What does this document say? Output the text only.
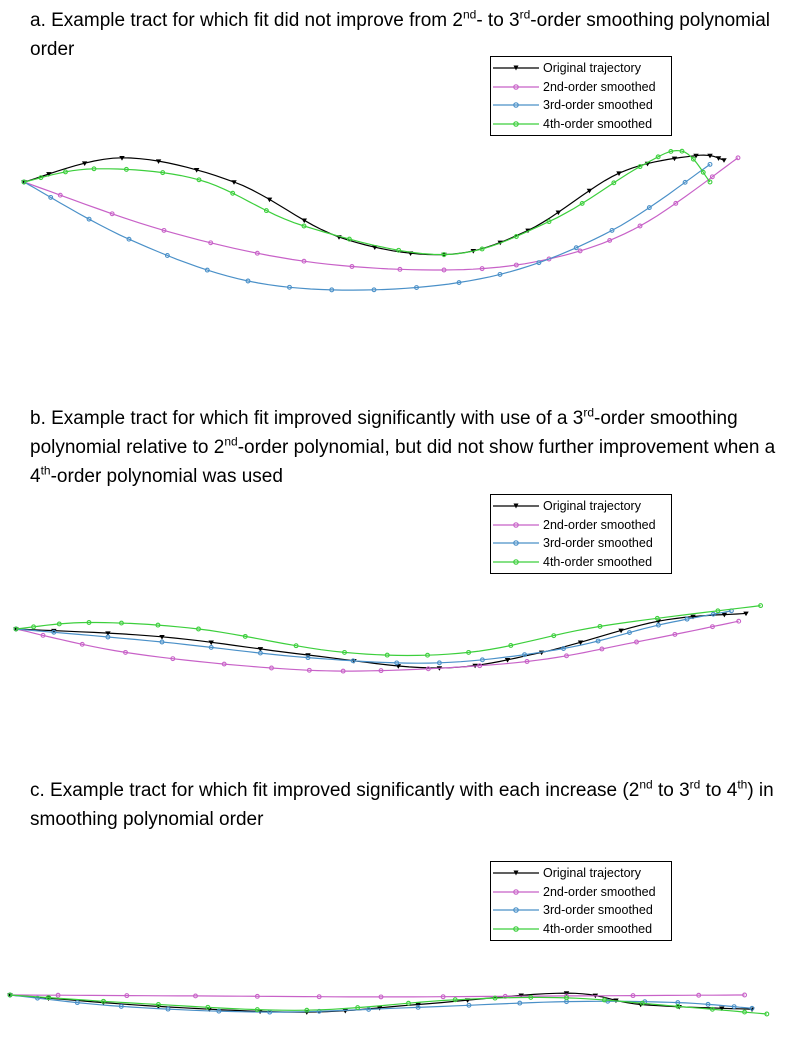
a. Example tract for which fit did not improve from 2nd- to 3rd-order smoothing polynomial order

Original trajectory
2nd-order smoothed
3rd-order smoothed
4th-order smoothed

b. Example tract for which fit improved significantly with use of a 3rd-order smoothing polynomial relative to 2nd-order polynomial, but did not show further improvement when a 4th-order polynomial was used

Original trajectory
2nd-order smoothed
3rd-order smoothed
4th-order smoothed

c. Example tract for which fit improved significantly with each increase (2nd to 3rd to 4th) in smoothing polynomial order

Original trajectory
2nd-order smoothed
3rd-order smoothed
4th-order smoothed
